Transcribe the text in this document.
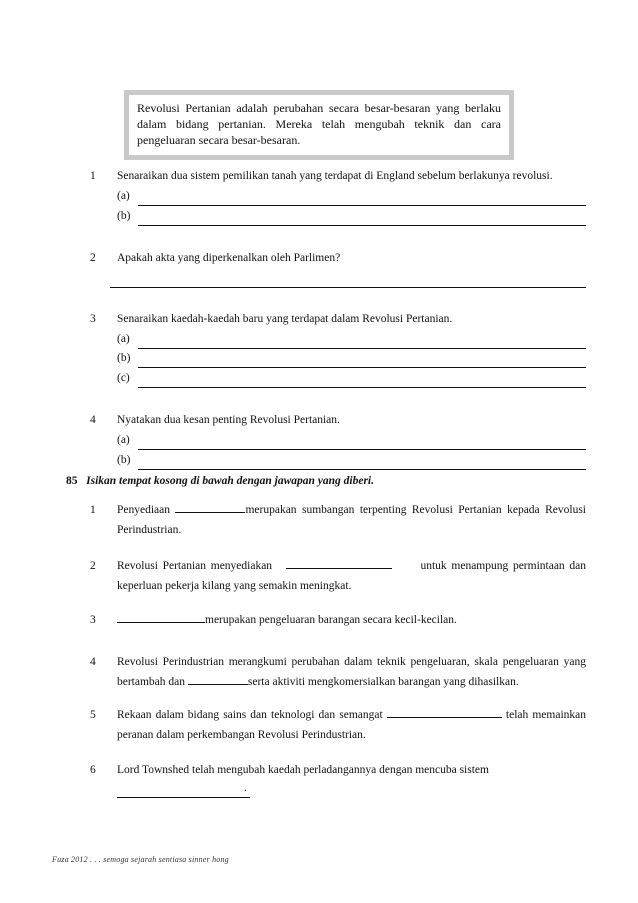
Revolusi Pertanian adalah perubahan secara besar-besaran yang berlaku dalam bidang pertanian. Mereka telah mengubah teknik dan cara pengeluaran secara besar-besaran.
1	Senaraikan dua sistem pemilikan tanah yang terdapat di England sebelum berlakunya revolusi.
(a)
(b)
2	Apakah akta yang diperkenalkan oleh Parlimen?
3	Senaraikan kaedah-kaedah baru yang terdapat dalam Revolusi Pertanian.
(a)
(b)
(c)
4	Nyatakan dua kesan penting Revolusi Pertanian.
(a)
(b)
85 Isikan tempat kosong di bawah dengan jawapan yang diberi.
1	Penyediaan	merupakan sumbangan terpenting Revolusi Pertanian kepada Revolusi Perindustrian.
2	Revolusi Pertanian menyediakan	untuk menampung permintaan dan keperluan pekerja kilang yang semakin meningkat.
3	merupakan pengeluaran barangan secara kecil-kecilan.
4	Revolusi Perindustrian merangkumi perubahan dalam teknik pengeluaran, skala pengeluaran yang bertambah dan	serta aktiviti mengkomersialkan barangan yang dihasilkan.
5	Rekaan dalam bidang sains dan teknologi dan semangat	telah memainkan peranan dalam perkembangan Revolusi Perindustrian.
6	Lord Townshed telah mengubah kaedah perladangannya dengan mencuba sistem
.
Fuza 2012 . . . semoga sejarah sentiasa sinner hong
